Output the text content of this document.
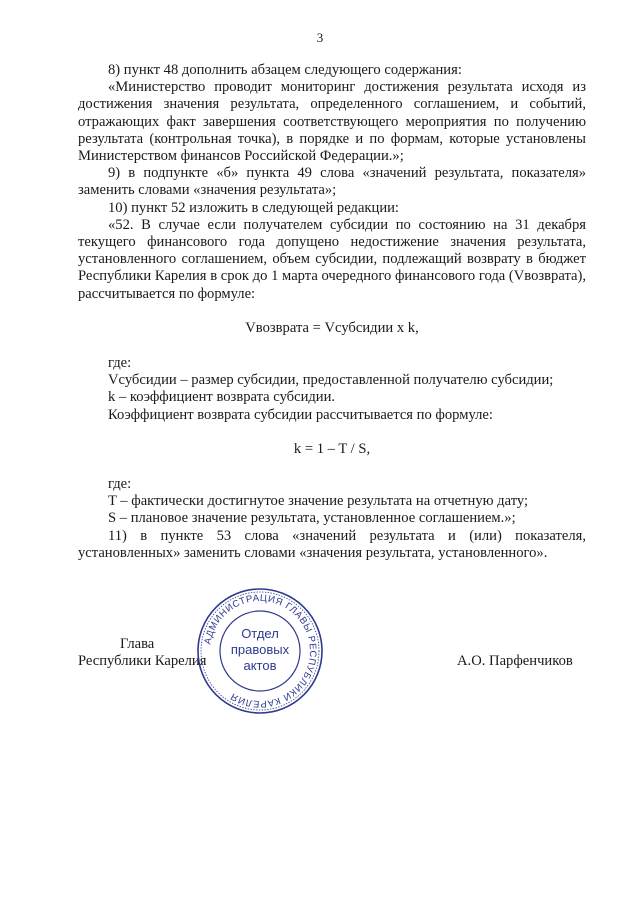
3

8) пункт 48 дополнить абзацем следующего содержания:

«Министерство проводит мониторинг достижения результата исходя из достижения значения результата, определенного соглашением, и событий, отражающих факт завершения соответствующего мероприятия по получению результата (контрольная точка), в порядке и по формам, которые установлены Министерством финансов Российской Федерации.»;

9) в подпункте «б» пункта 49 слова «значений результата, показателя» заменить словами «значения результата»;

10) пункт 52 изложить в следующей редакции:

«52. В случае если получателем субсидии по состоянию на 31 декабря текущего финансового года допущено недостижение значения результата, установленного соглашением, объем субсидии, подлежащий возврату в бюджет Республики Карелия в срок до 1 марта очередного финансового года (Vвозврата), рассчитывается по формуле:

Vвозврата = Vсубсидии x k,

где:

Vсубсидии – размер субсидии, предоставленной получателю субсидии;

k – коэффициент возврата субсидии.

Коэффициент возврата субсидии рассчитывается по формуле:

k = 1 – T / S,

где:

T – фактически достигнутое значение результата на отчетную дату;

S – плановое значение результата, установленное соглашением.»;

11) в пункте 53 слова «значений результата и (или) показателя, установленных» заменить словами «значения результата, установленного».

Глава
Республики Карелия	А.О. Парфенчиков
АДМИНИСТРАЦИЯ ГЛАВЫ РЕСПУБЛИКИ КАРЕЛИЯ
Отдел
правовых
актов
